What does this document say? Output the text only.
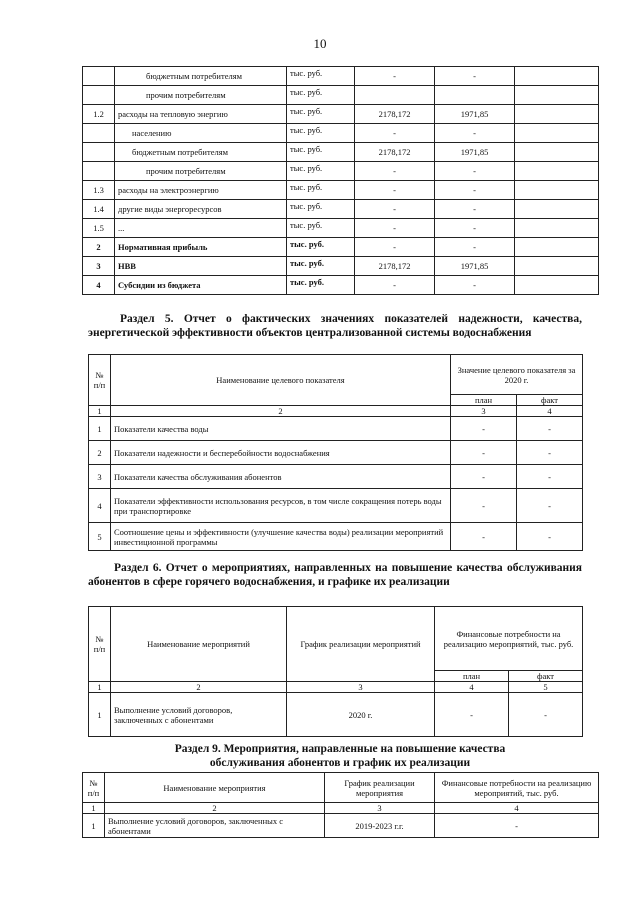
10
	бюджетным потребителям	тыс. руб.	-	-	
	прочим потребителям	тыс. руб.			
1.2	расходы на тепловую энергию	тыс. руб.	2178,172	1971,85	
	населению	тыс. руб.	-	-	
	бюджетным потребителям	тыс. руб.	2178,172	1971,85	
	прочим потребителям	тыс. руб.	-	-	
1.3	расходы на электроэнергию	тыс. руб.	-	-	
1.4	другие виды энергоресурсов	тыс. руб.	-	-	
1.5	...	тыс. руб.	-	-	
2	Нормативная прибыль	тыс. руб.	-	-	
3	НВВ	тыс. руб.	2178,172	1971,85	
4	Субсидии из бюджета	тыс. руб.	-	-	
Раздел 5. Отчет о фактических значениях показателей надежности, качества, энергетической эффективности объектов централизованной системы водоснабжения
№ п/п	Наименование целевого показателя	Значение целевого показателя за 2020 г.	
		план	факт
1	2	3	4
1	Показатели качества воды	-	-
2	Показатели надежности и бесперебойности водоснабжения	-	-
3	Показатели качества обслуживания абонентов	-	-
4	Показатели эффективности использования ресурсов, в том числе сокращения потерь воды при транспортировке	-	-
5	Соотношение цены и эффективности (улучшение качества воды) реализации мероприятий инвестиционной программы	-	-
Раздел 6. Отчет о мероприятиях, направленных на повышение качества обслуживания абонентов в сфере горячего водоснабжения, и графике их реализации
№ п/п	Наименование мероприятий	График реализации мероприятий	Финансовые потребности на реализацию мероприятий, тыс. руб.	
			план	факт
1	2	3	4	5
1	Выполнение условий договоров, заключенных с абонентами	2020 г.	-	-
Раздел 9. Мероприятия, направленные на повышение качества
обслуживания абонентов и график их реализации
№ п/п	Наименование мероприятия	График реализации мероприятия	Финансовые потребности на реализацию мероприятий, тыс. руб.
1	2	3	4
1	Выполнение условий договоров, заключенных с абонентами	2019-2023 г.г.	-
